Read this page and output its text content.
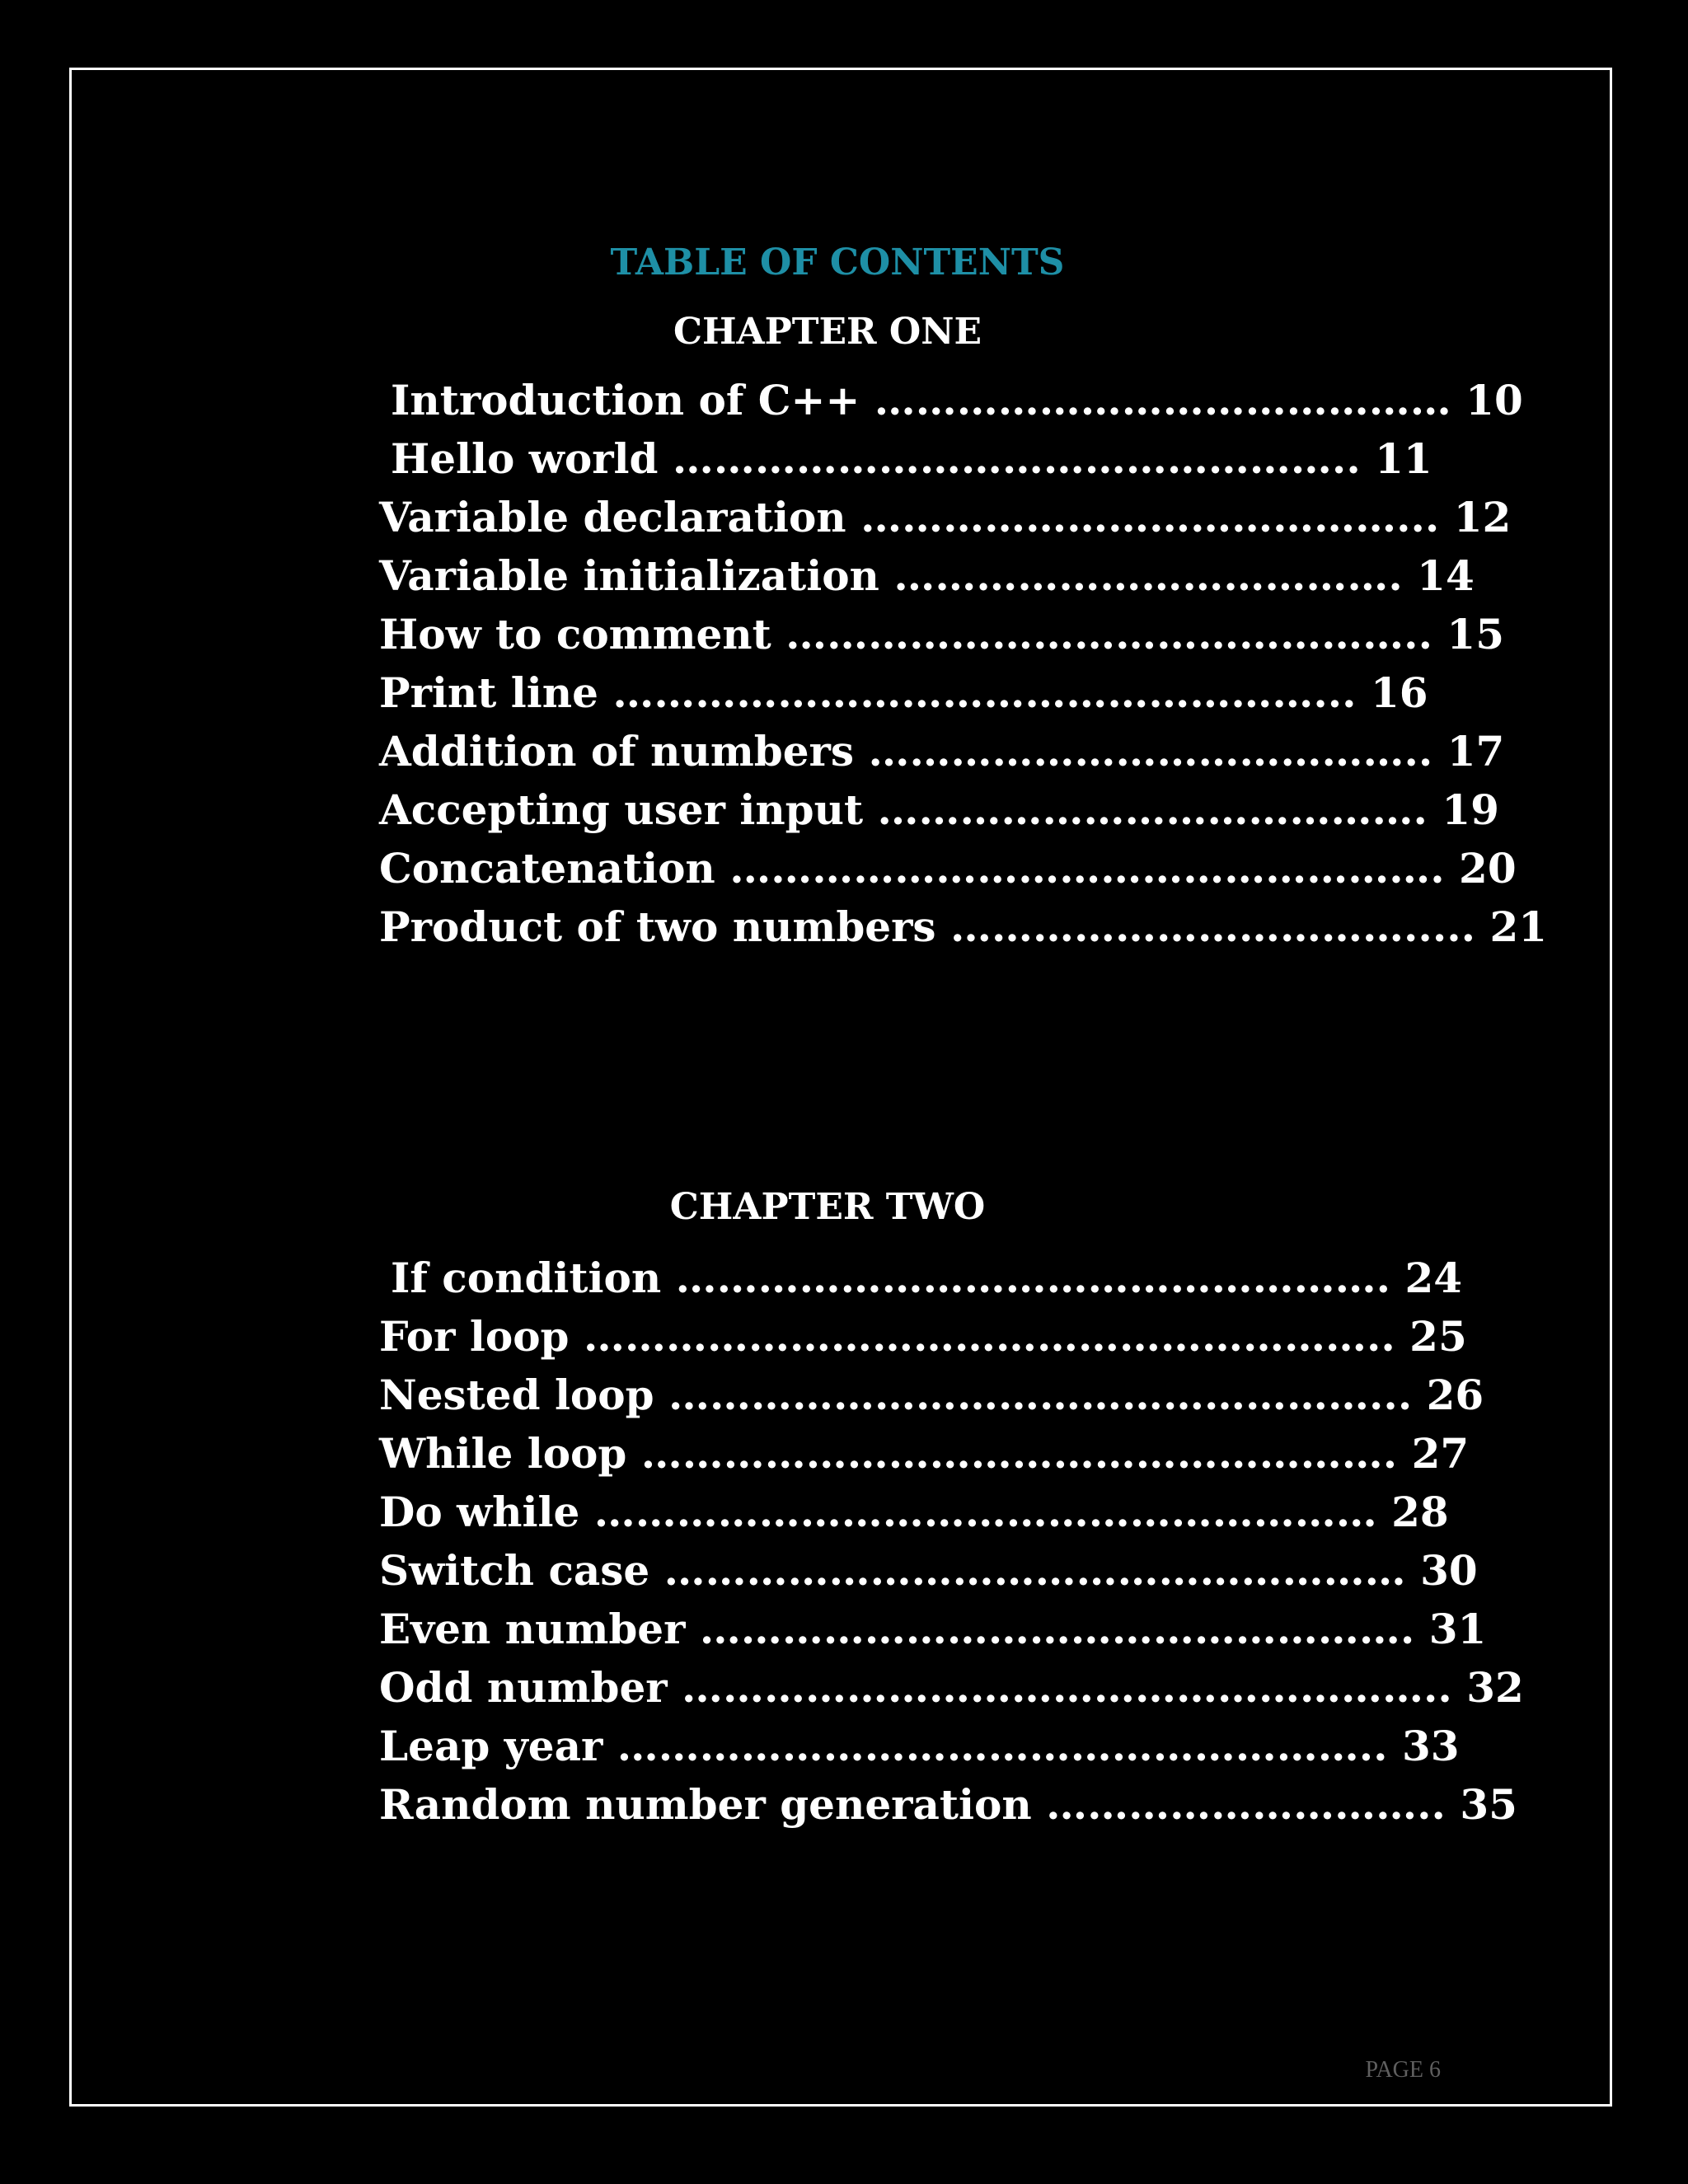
TABLE OF CONTENTS
CHAPTER ONE
Introduction of C++ …………………………………… 10
Hello world ………………………………………….. 11
Variable declaration …………………………………... 12
Variable initialization ………………………………. 14
How to comment ……………………………………….. 15
Print line ……………………………………………... 16
Addition of numbers ………………………………….. 17
Accepting user input …………………………………. 19
Concatenation ……………………………………………. 20
Product of two numbers ……………………………..... 21
CHAPTER TWO
If condition ……………………………………………. 24
For loop ………………………………………………….. 25
Nested loop ……………………………………………... 26
While loop ………………………………………………. 27
Do while ………………………………………………… 28
Switch case ……………………………………………… 30
Even number ……………………………………………. 31
Odd number ……………………………………………….. 32
Leap year ……………………………………………….. 33
Random number generation ……………………….. 35
PAGE 6
